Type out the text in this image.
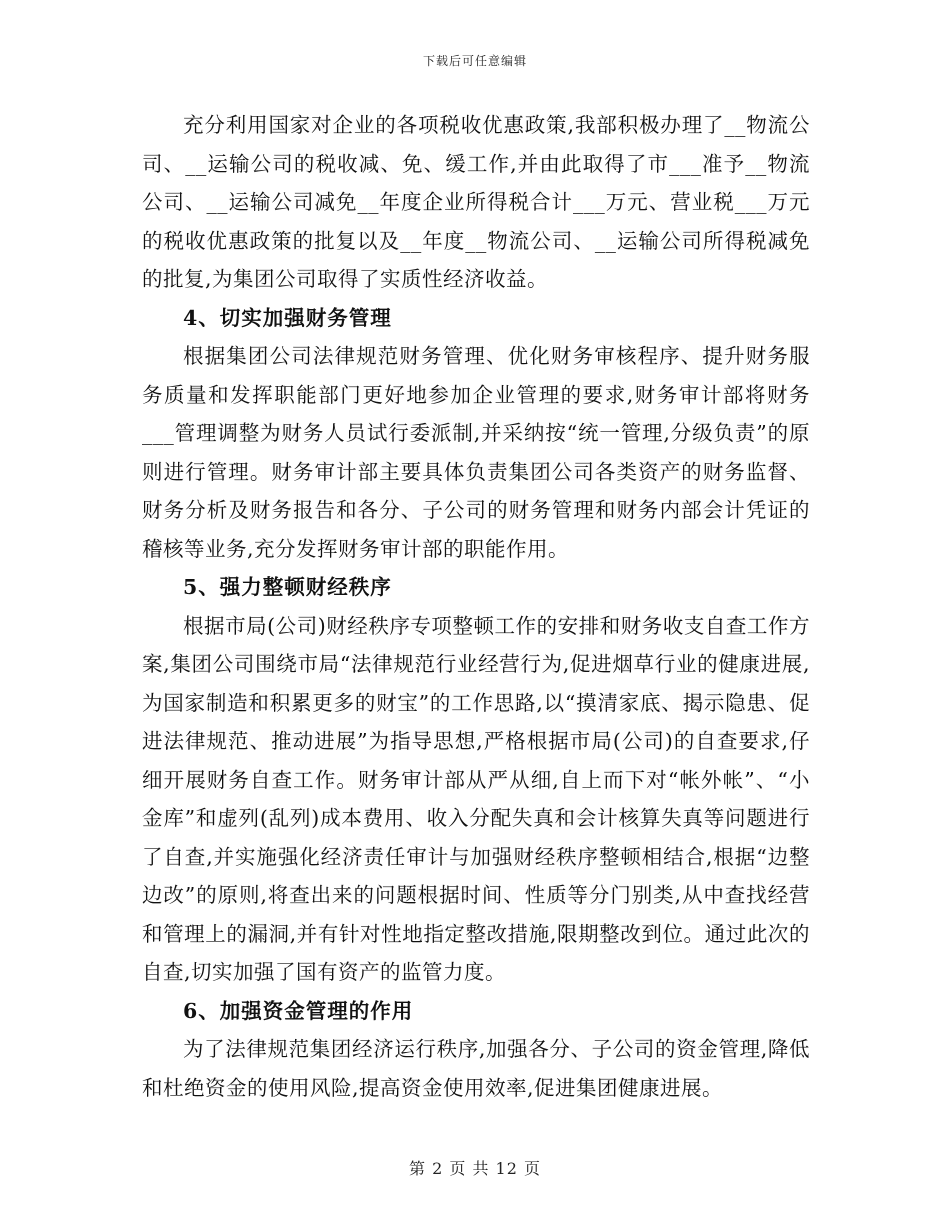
下载后可任意编辑

充分利用国家对企业的各项税收优惠政策,我部积极办理了__物流公司、__运输公司的税收减、免、缓工作,并由此取得了市___准予__物流公司、__运输公司减免__年度企业所得税合计___万元、营业税___万元的税收优惠政策的批复以及__年度__物流公司、__运输公司所得税减免的批复,为集团公司取得了实质性经济收益。

4、切实加强财务管理

根据集团公司法律规范财务管理、优化财务审核程序、提升财务服务质量和发挥职能部门更好地参加企业管理的要求,财务审计部将财务___管理调整为财务人员试行委派制,并采纳按“统一管理,分级负责”的原则进行管理。财务审计部主要具体负责集团公司各类资产的财务监督、财务分析及财务报告和各分、子公司的财务管理和财务内部会计凭证的稽核等业务,充分发挥财务审计部的职能作用。

5、强力整顿财经秩序

根据市局(公司)财经秩序专项整顿工作的安排和财务收支自查工作方案,集团公司围绕市局“法律规范行业经营行为,促进烟草行业的健康进展,为国家制造和积累更多的财宝”的工作思路,以“摸清家底、揭示隐患、促进法律规范、推动进展”为指导思想,严格根据市局(公司)的自查要求,仔细开展财务自查工作。财务审计部从严从细,自上而下对“帐外帐”、“小金库”和虚列(乱列)成本费用、收入分配失真和会计核算失真等问题进行了自查,并实施强化经济责任审计与加强财经秩序整顿相结合,根据“边整边改”的原则,将查出来的问题根据时间、性质等分门别类,从中查找经营和管理上的漏洞,并有针对性地指定整改措施,限期整改到位。通过此次的自查,切实加强了国有资产的监管力度。

6、加强资金管理的作用

为了法律规范集团经济运行秩序,加强各分、子公司的资金管理,降低和杜绝资金的使用风险,提高资金使用效率,促进集团健康进展。

第 2 页 共 12 页
